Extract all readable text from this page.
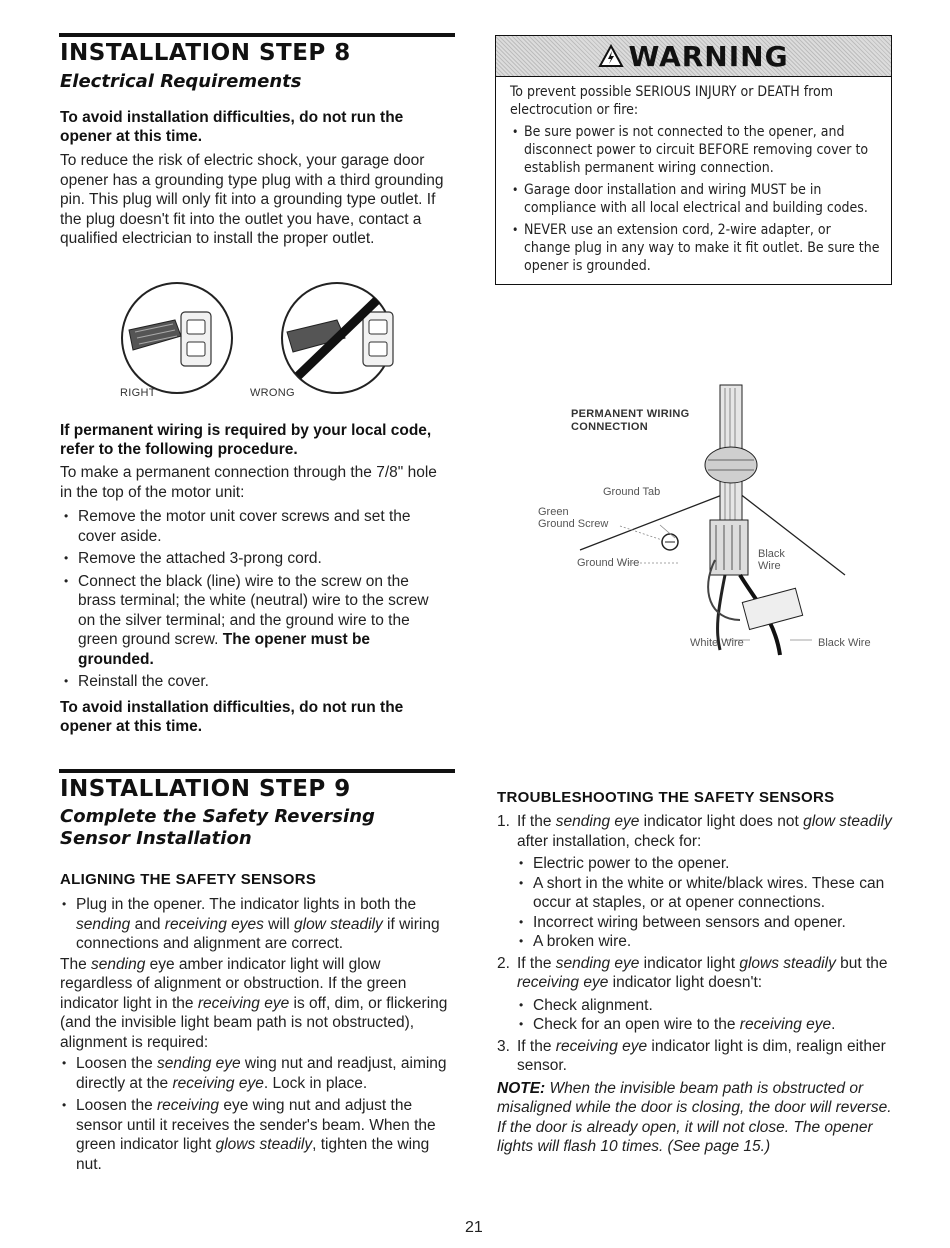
INSTALLATION STEP 8
Electrical Requirements
To avoid installation difficulties, do not run the opener at this time.
To reduce the risk of electric shock, your garage door opener has a grounding type plug with a third grounding pin. This plug will only fit into a grounding type outlet. If the plug doesn't fit into the outlet you have, contact a qualified electrician to install the proper outlet.
RIGHT	WRONG
If permanent wiring is required by your local code, refer to the following procedure.
To make a permanent connection through the 7/8" hole in the top of the motor unit:
• Remove the motor unit cover screws and set the cover aside.
• Remove the attached 3-prong cord.
• Connect the black (line) wire to the screw on the brass terminal; the white (neutral) wire to the screw on the silver terminal; and the ground wire to the green ground screw. The opener must be grounded.
• Reinstall the cover.
To avoid installation difficulties, do not run the opener at this time.
WARNING
To prevent possible SERIOUS INJURY or DEATH from electrocution or fire:
• Be sure power is not connected to the opener, and disconnect power to circuit BEFORE removing cover to establish permanent wiring connection.
• Garage door installation and wiring MUST be in compliance with all local electrical and building codes.
• NEVER use an extension cord, 2-wire adapter, or change plug in any way to make it fit outlet. Be sure the opener is grounded.
PERMANENT WIRING
CONNECTION
Ground Tab
Green
Ground Screw
Ground Wire
Black
Wire
White Wire	Black Wire
INSTALLATION STEP 9
Complete the Safety Reversing
Sensor Installation
ALIGNING THE SAFETY SENSORS
• Plug in the opener. The indicator lights in both the sending and receiving eyes will glow steadily if wiring connections and alignment are correct.
The sending eye amber indicator light will glow regardless of alignment or obstruction. If the green indicator light in the receiving eye is off, dim, or flickering (and the invisible light beam path is not obstructed), alignment is required:
• Loosen the sending eye wing nut and readjust, aiming directly at the receiving eye. Lock in place.
• Loosen the receiving eye wing nut and adjust the sensor until it receives the sender's beam. When the green indicator light glows steadily, tighten the wing nut.
TROUBLESHOOTING THE SAFETY SENSORS
1. If the sending eye indicator light does not glow steadily after installation, check for:
• Electric power to the opener.
• A short in the white or white/black wires. These can occur at staples, or at opener connections.
• Incorrect wiring between sensors and opener.
• A broken wire.
2. If the sending eye indicator light glows steadily but the receiving eye indicator light doesn't:
• Check alignment.
• Check for an open wire to the receiving eye.
3. If the receiving eye indicator light is dim, realign either sensor.
NOTE: When the invisible beam path is obstructed or misaligned while the door is closing, the door will reverse. If the door is already open, it will not close. The opener lights will flash 10 times. (See page 15.)
21
